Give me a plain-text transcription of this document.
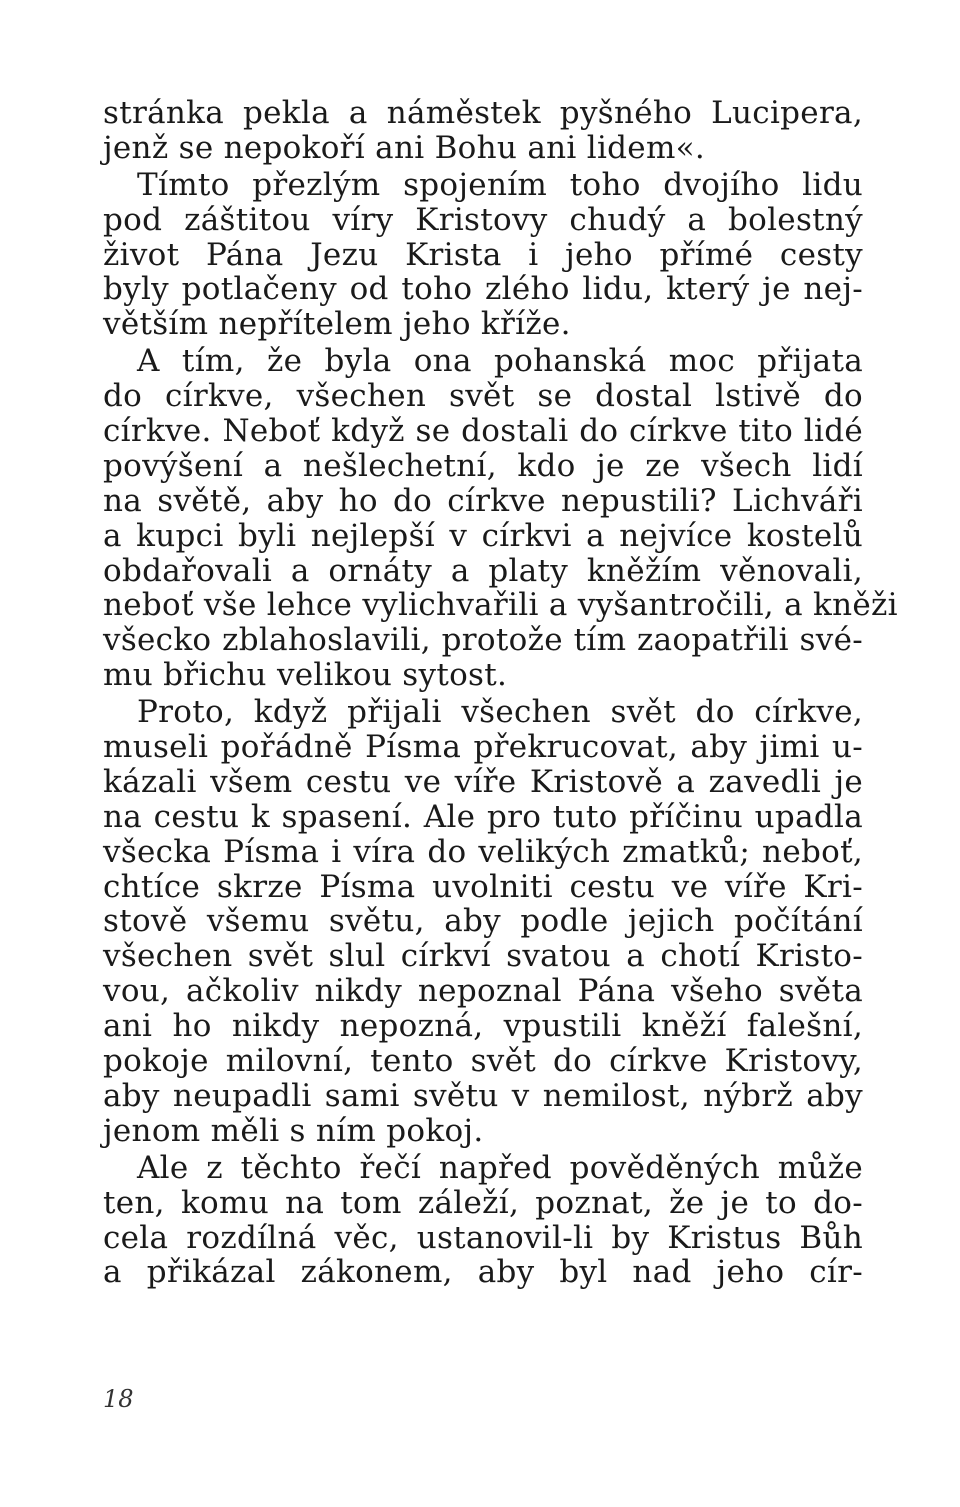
stránka pekla a náměstek pyšného Lucipera,
jenž se nepokoří ani Bohu ani lidem«.
Tímto přezlým spojením toho dvojího lidu
pod záštitou víry Kristovy chudý a bolestný
život Pána Jezu Krista i jeho přímé cesty
byly potlačeny od toho zlého lidu, který je nej-
větším nepřítelem jeho kříže.
A tím, že byla ona pohanská moc přijata
do církve, všechen svět se dostal lstivě do
církve. Neboť když se dostali do církve tito lidé
povýšení a nešlechetní, kdo je ze všech lidí
na světě, aby ho do církve nepustili? Lichváři
a kupci byli nejlepší v církvi a nejvíce kostelů
obdařovali a ornáty a platy kněžím věnovali,
neboť vše lehce vylichvařili a vyšantročili, a kněži
všecko zblahoslavili, protože tím zaopatřili své-
mu břichu velikou sytost.
Proto, když přijali všechen svět do církve,
museli pořádně Písma překrucovat, aby jimi u-
kázali všem cestu ve víře Kristově a zavedli je
na cestu k spasení. Ale pro tuto příčinu upadla
všecka Písma i víra do velikých zmatků; neboť,
chtíce skrze Písma uvolniti cestu ve víře Kri-
stově všemu světu, aby podle jejich počítání
všechen svět slul církví svatou a chotí Kristo-
vou, ačkoliv nikdy nepoznal Pána všeho světa
ani ho nikdy nepozná, vpustili kněží falešní,
pokoje milovní, tento svět do církve Kristovy,
aby neupadli sami světu v nemilost, nýbrž aby
jenom měli s ním pokoj.
Ale z těchto řečí napřed pověděných může
ten, komu na tom záleží, poznat, že je to do-
cela rozdílná věc, ustanovil-li by Kristus Bůh
a přikázal zákonem, aby byl nad jeho cír-
18
